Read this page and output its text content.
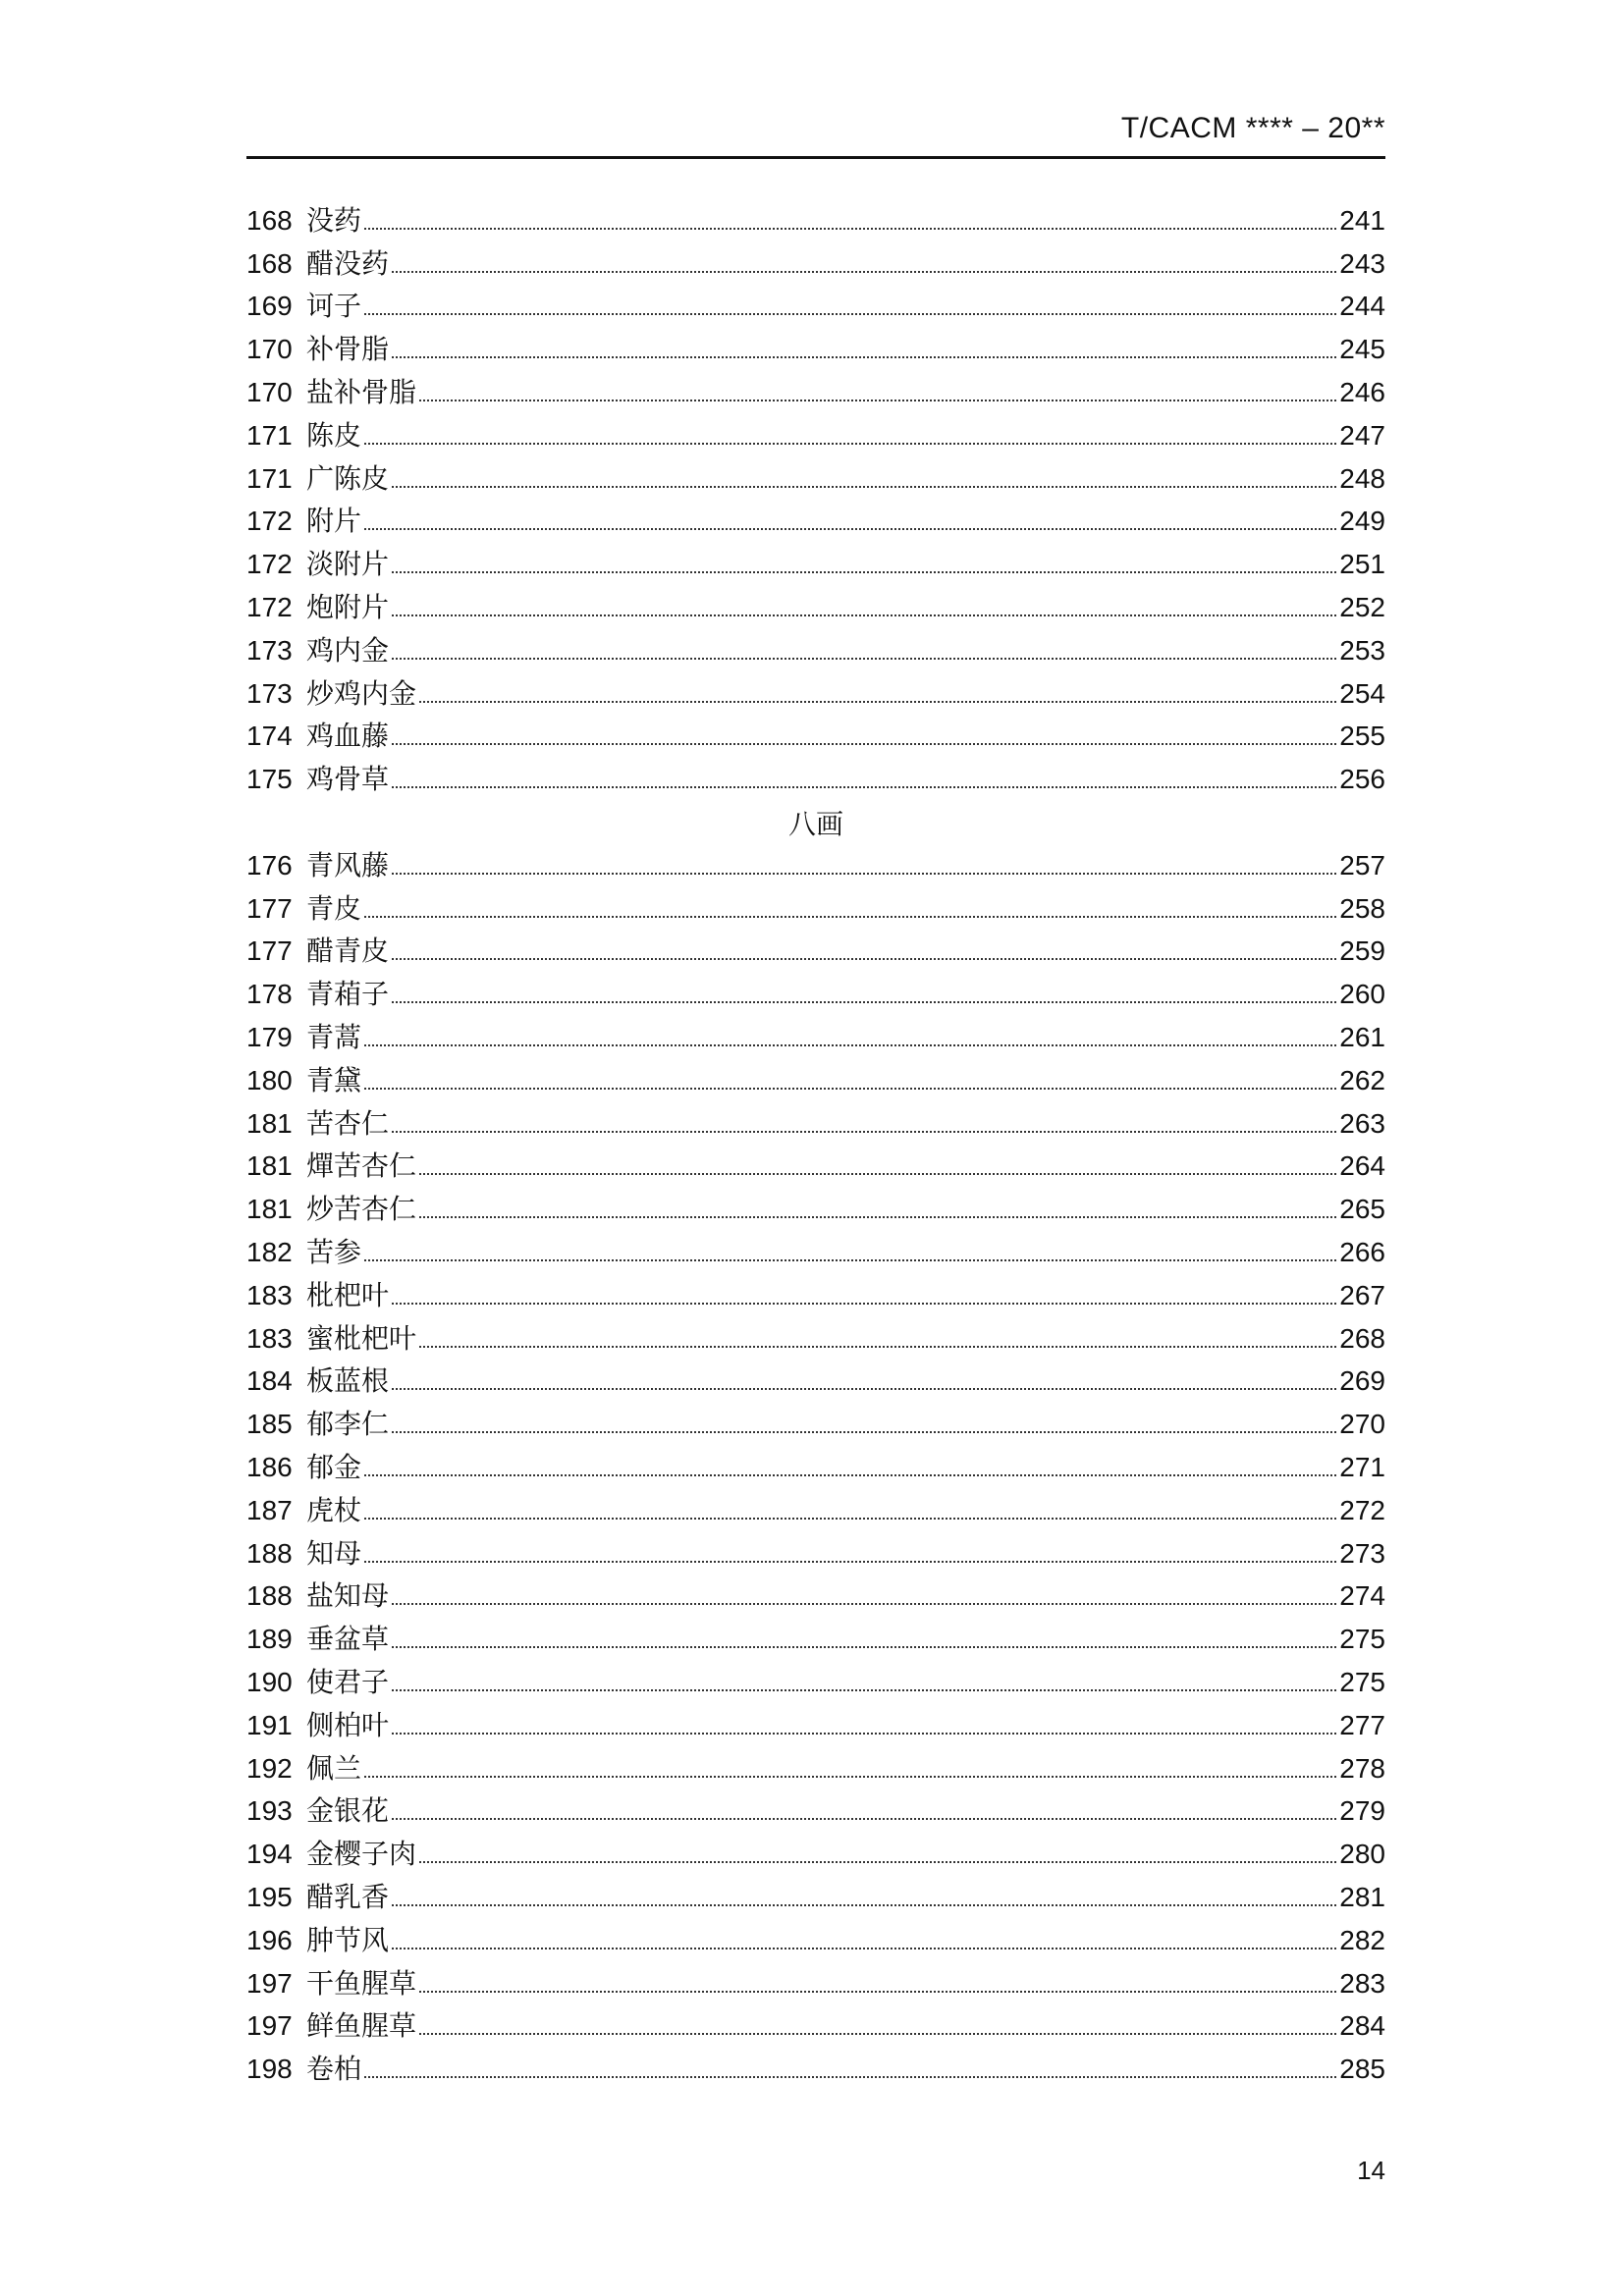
T/CACM **** – 20**
168 没药	241
168 醋没药	243
169 诃子	244
170 补骨脂	245
170 盐补骨脂	246
171 陈皮	247
171 广陈皮	248
172 附片	249
172 淡附片	251
172 炮附片	252
173 鸡内金	253
173 炒鸡内金	254
174 鸡血藤	255
175 鸡骨草	256
八画
176 青风藤	257
177 青皮	258
177 醋青皮	259
178 青葙子	260
179 青蒿	261
180 青黛	262
181 苦杏仁	263
181 燀苦杏仁	264
181 炒苦杏仁	265
182 苦参	266
183 枇杷叶	267
183 蜜枇杷叶	268
184 板蓝根	269
185 郁李仁	270
186 郁金	271
187 虎杖	272
188 知母	273
188 盐知母	274
189 垂盆草	275
190 使君子	275
191 侧柏叶	277
192 佩兰	278
193 金银花	279
194 金樱子肉	280
195 醋乳香	281
196 肿节风	282
197 干鱼腥草	283
197 鲜鱼腥草	284
198 卷柏	285
14
